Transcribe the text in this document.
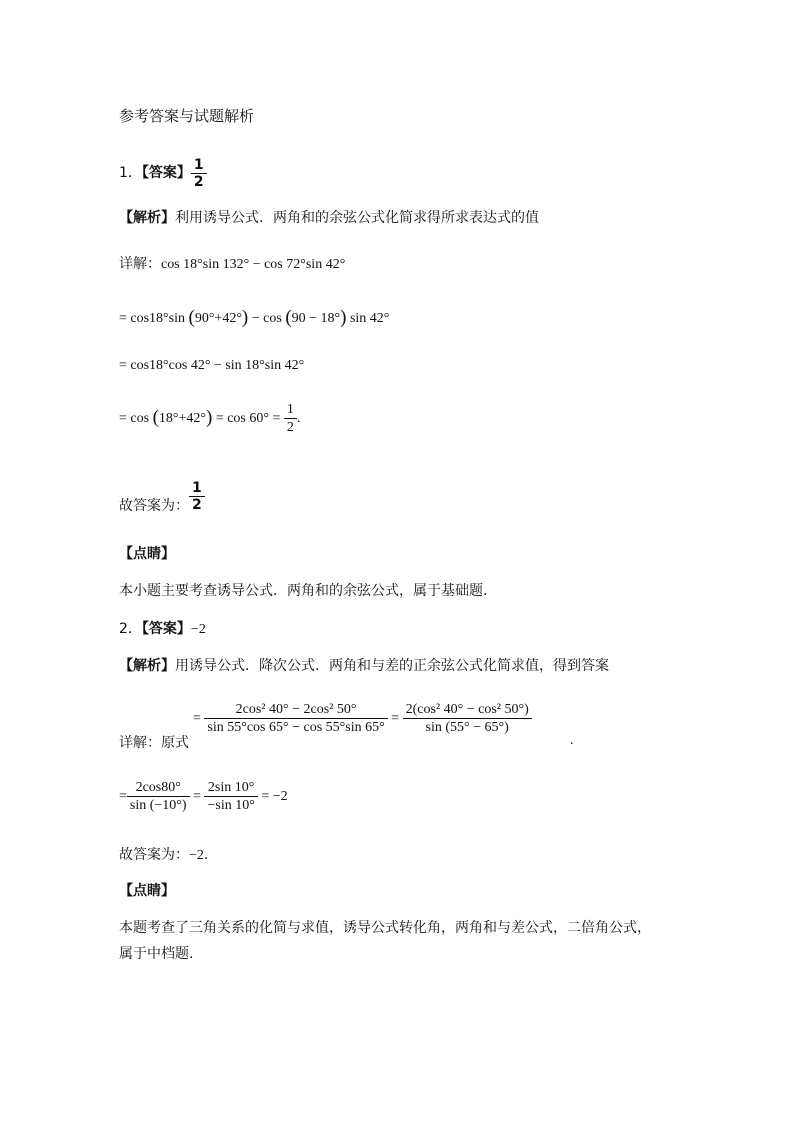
参考答案与试题解析
1．【答案】 $\frac{1}{2}$
【解析】利用诱导公式．两角和的余弦公式化简求得所求表达式的值
详解：cos 18°sin 132° − cos 72°sin 42°
= cos18°sin (90°+42°) − cos (90 − 18°) sin 42°
= cos18°cos 42° − sin 18°sin 42°
= $\cos (18^\circ+42^\circ) = \cos 60^\circ = \frac{1}{2}$ .
故答案为： $\frac{1}{2}$
【点睛】
本小题主要考查诱导公式．两角和的余弦公式，属于基础题.
2．【答案】−2
【解析】用诱导公式．降次公式．两角和与差的正余弦公式化简求值，得到答案
详解：原式
= $\frac{\text{2cos² 40° − 2cos² 50°}}{\sin 55^\circ\cos 65^\circ - \cos 55^\circ\sin 65^\circ} = \frac{\text{2(cos² 40° − cos² 50°)}}{\sin (55^\circ - 65^\circ)}$
.
= $\frac{2\cos 80^\circ}{\sin (-10^\circ)} = \frac{2\sin 10^\circ}{-\sin 10^\circ} = -2$
故答案为：−2.
【点睛】
本题考查了三角关系的化简与求值，诱导公式转化角，两角和与差公式，二倍角公式，
属于中档题.
